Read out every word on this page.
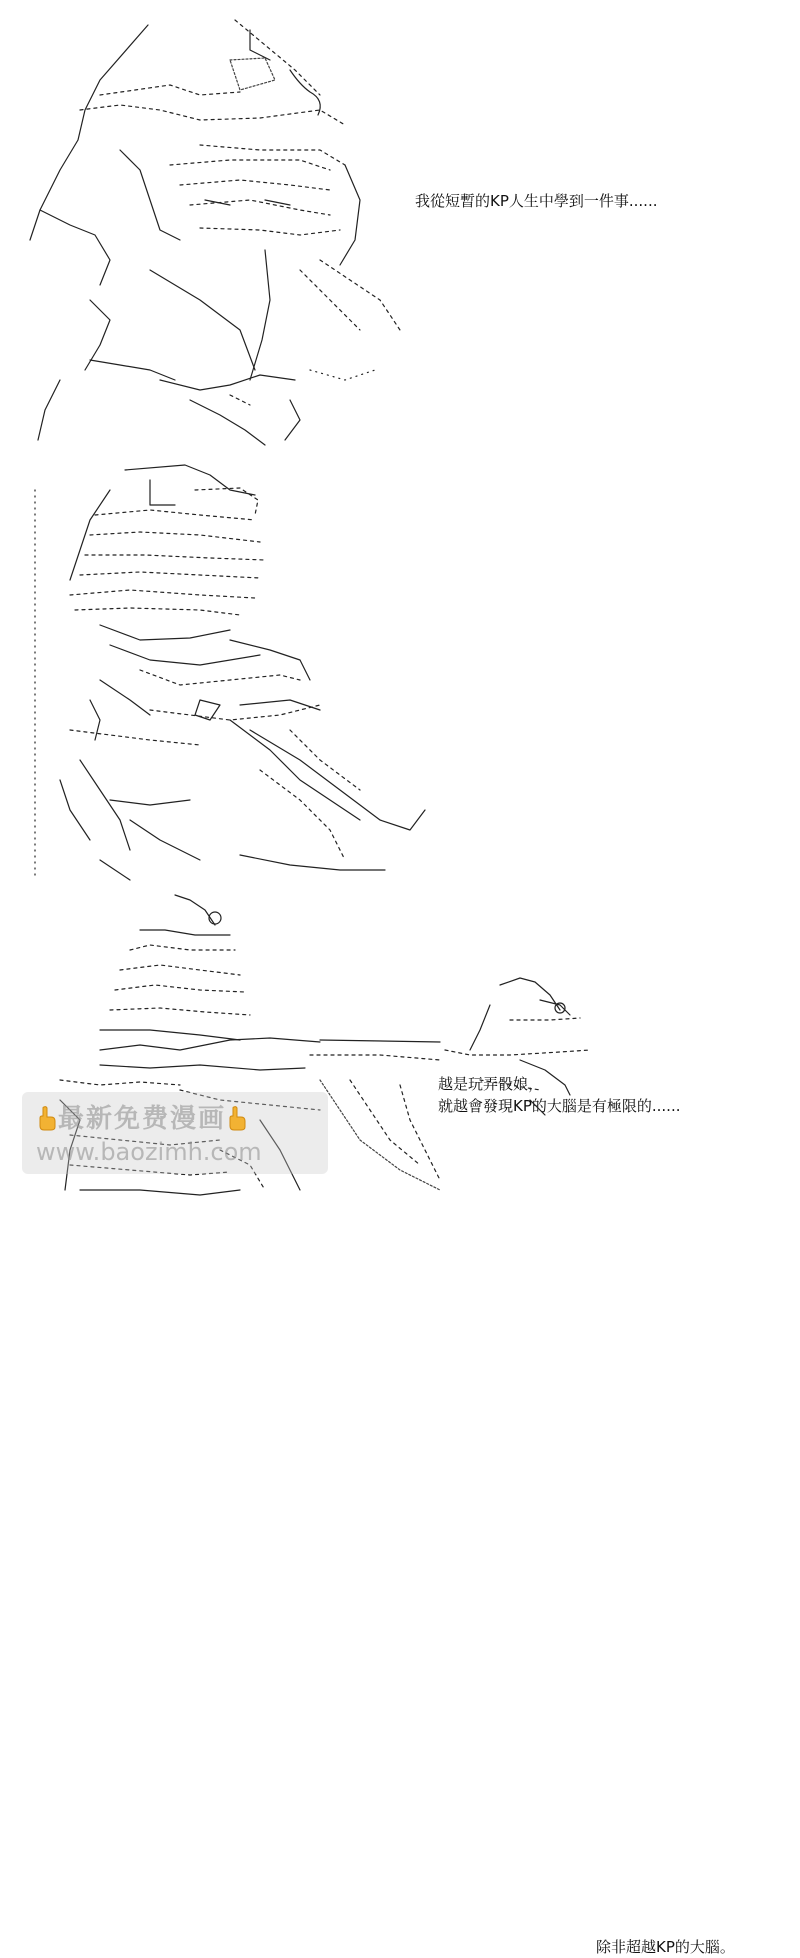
我從短暫的KP人生中學到一件事......
越是玩弄骰娘，
就越會發現KP的大腦是有極限的......
除非超越KP的大腦。
最新免费漫画
www.baozimh.com
